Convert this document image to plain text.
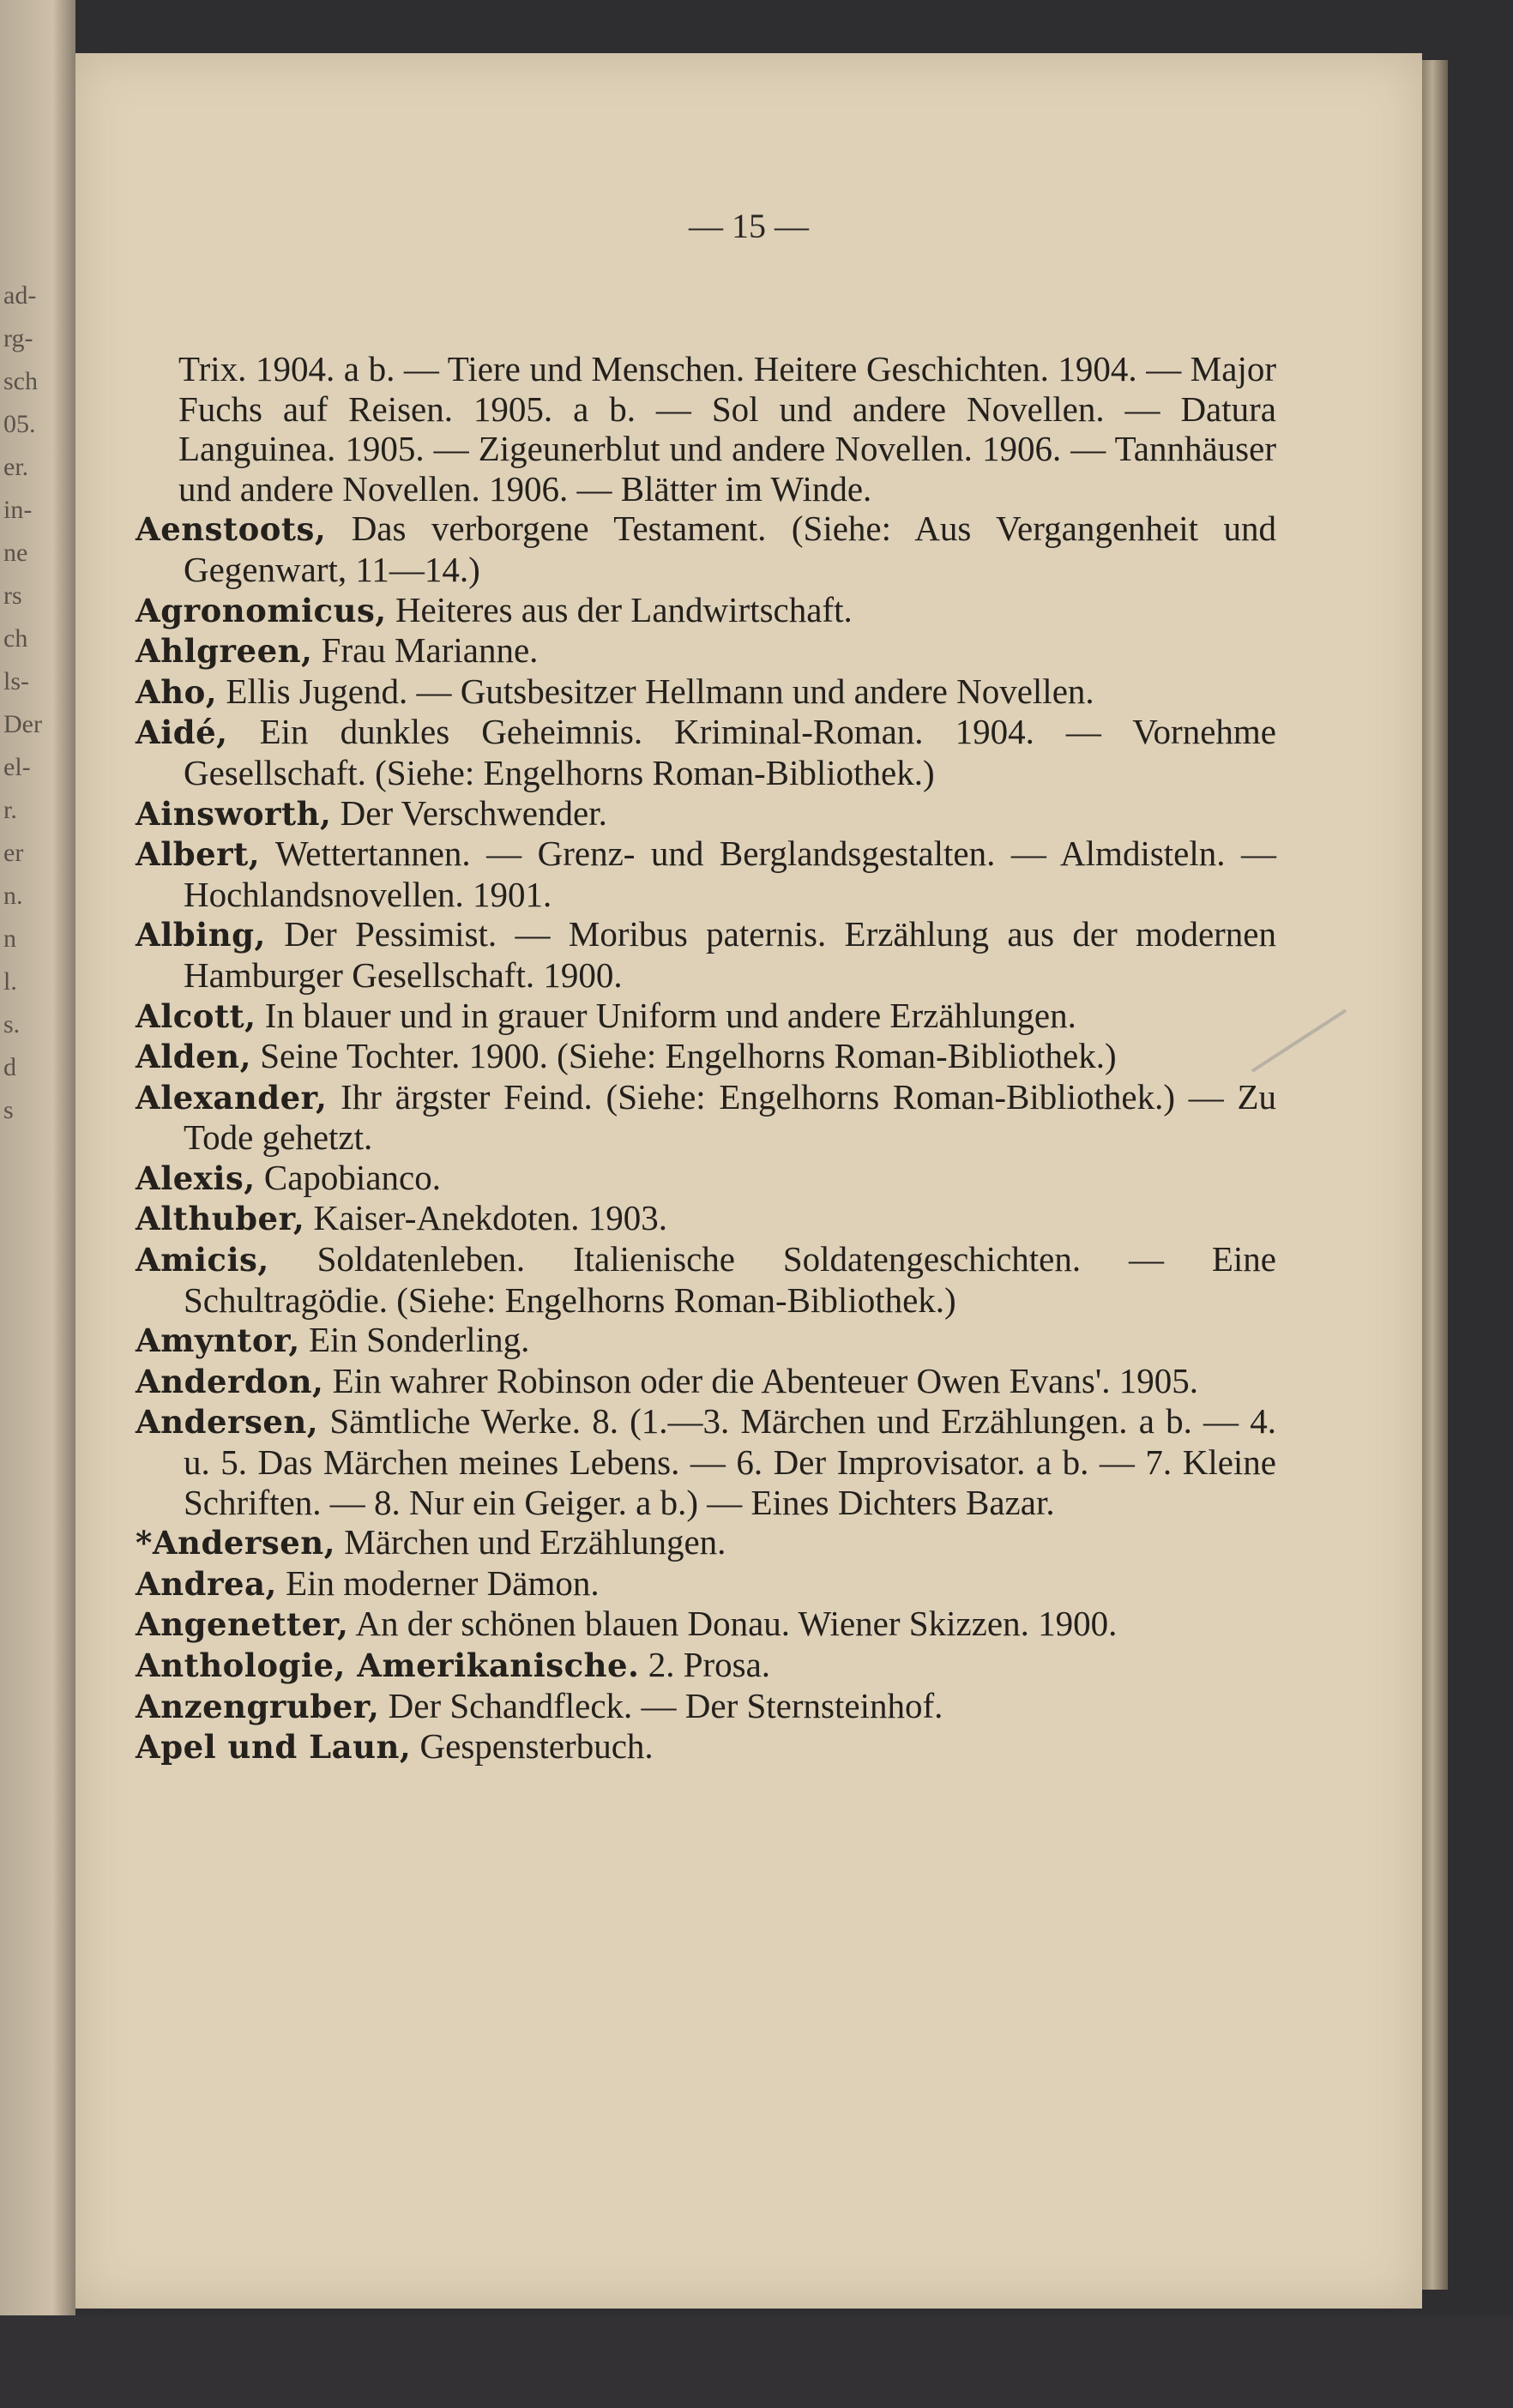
ad-
rg-
sch
05.
er.
in-
ne
rs
ch
ls-
Der
el-
r.
er
n.
n
l.
s.
d
s
— 15 —

Trix. 1904. a b. — Tiere und Menschen. Heitere Geschichten. 1904. — Major Fuchs auf Reisen. 1905. a b. — Sol und andere Novellen. — Datura Languinea. 1905. — Zigeunerblut und andere Novellen. 1906. — Tannhäuser und andere Novellen. 1906. — Blätter im Winde.

Aenstoots, Das verborgene Testament. (Siehe: Aus Vergangenheit und Gegenwart, 11—14.)

Agronomicus, Heiteres aus der Landwirtschaft.

Ahlgreen, Frau Marianne.

Aho, Ellis Jugend. — Gutsbesitzer Hellmann und andere Novellen.

Aidé, Ein dunkles Geheimnis. Kriminal-Roman. 1904. — Vornehme Gesellschaft. (Siehe: Engelhorns Roman-Bibliothek.)

Ainsworth, Der Verschwender.

Albert, Wettertannen. — Grenz- und Berglandsgestalten. — Almdisteln. — Hochlandsnovellen. 1901.

Albing, Der Pessimist. — Moribus paternis. Erzählung aus der modernen Hamburger Gesellschaft. 1900.

Alcott, In blauer und in grauer Uniform und andere Erzählungen.

Alden, Seine Tochter. 1900. (Siehe: Engelhorns Roman-Bibliothek.)

Alexander, Ihr ärgster Feind. (Siehe: Engelhorns Roman-Bibliothek.) — Zu Tode gehetzt.

Alexis, Capobianco.

Althuber, Kaiser-Anekdoten. 1903.

Amicis, Soldatenleben. Italienische Soldatengeschichten. — Eine Schultragödie. (Siehe: Engelhorns Roman-Bibliothek.)

Amyntor, Ein Sonderling.

Anderdon, Ein wahrer Robinson oder die Abenteuer Owen Evans'. 1905.

Andersen, Sämtliche Werke. 8. (1.—3. Märchen und Erzählungen. a b. — 4. u. 5. Das Märchen meines Lebens. — 6. Der Improvisator. a b. — 7. Kleine Schriften. — 8. Nur ein Geiger. a b.) — Eines Dichters Bazar.

*Andersen, Märchen und Erzählungen.

Andrea, Ein moderner Dämon.

Angenetter, An der schönen blauen Donau. Wiener Skizzen. 1900.

Anthologie, Amerikanische. 2. Prosa.

Anzengruber, Der Schandfleck. — Der Sternsteinhof.

Apel und Laun, Gespensterbuch.
